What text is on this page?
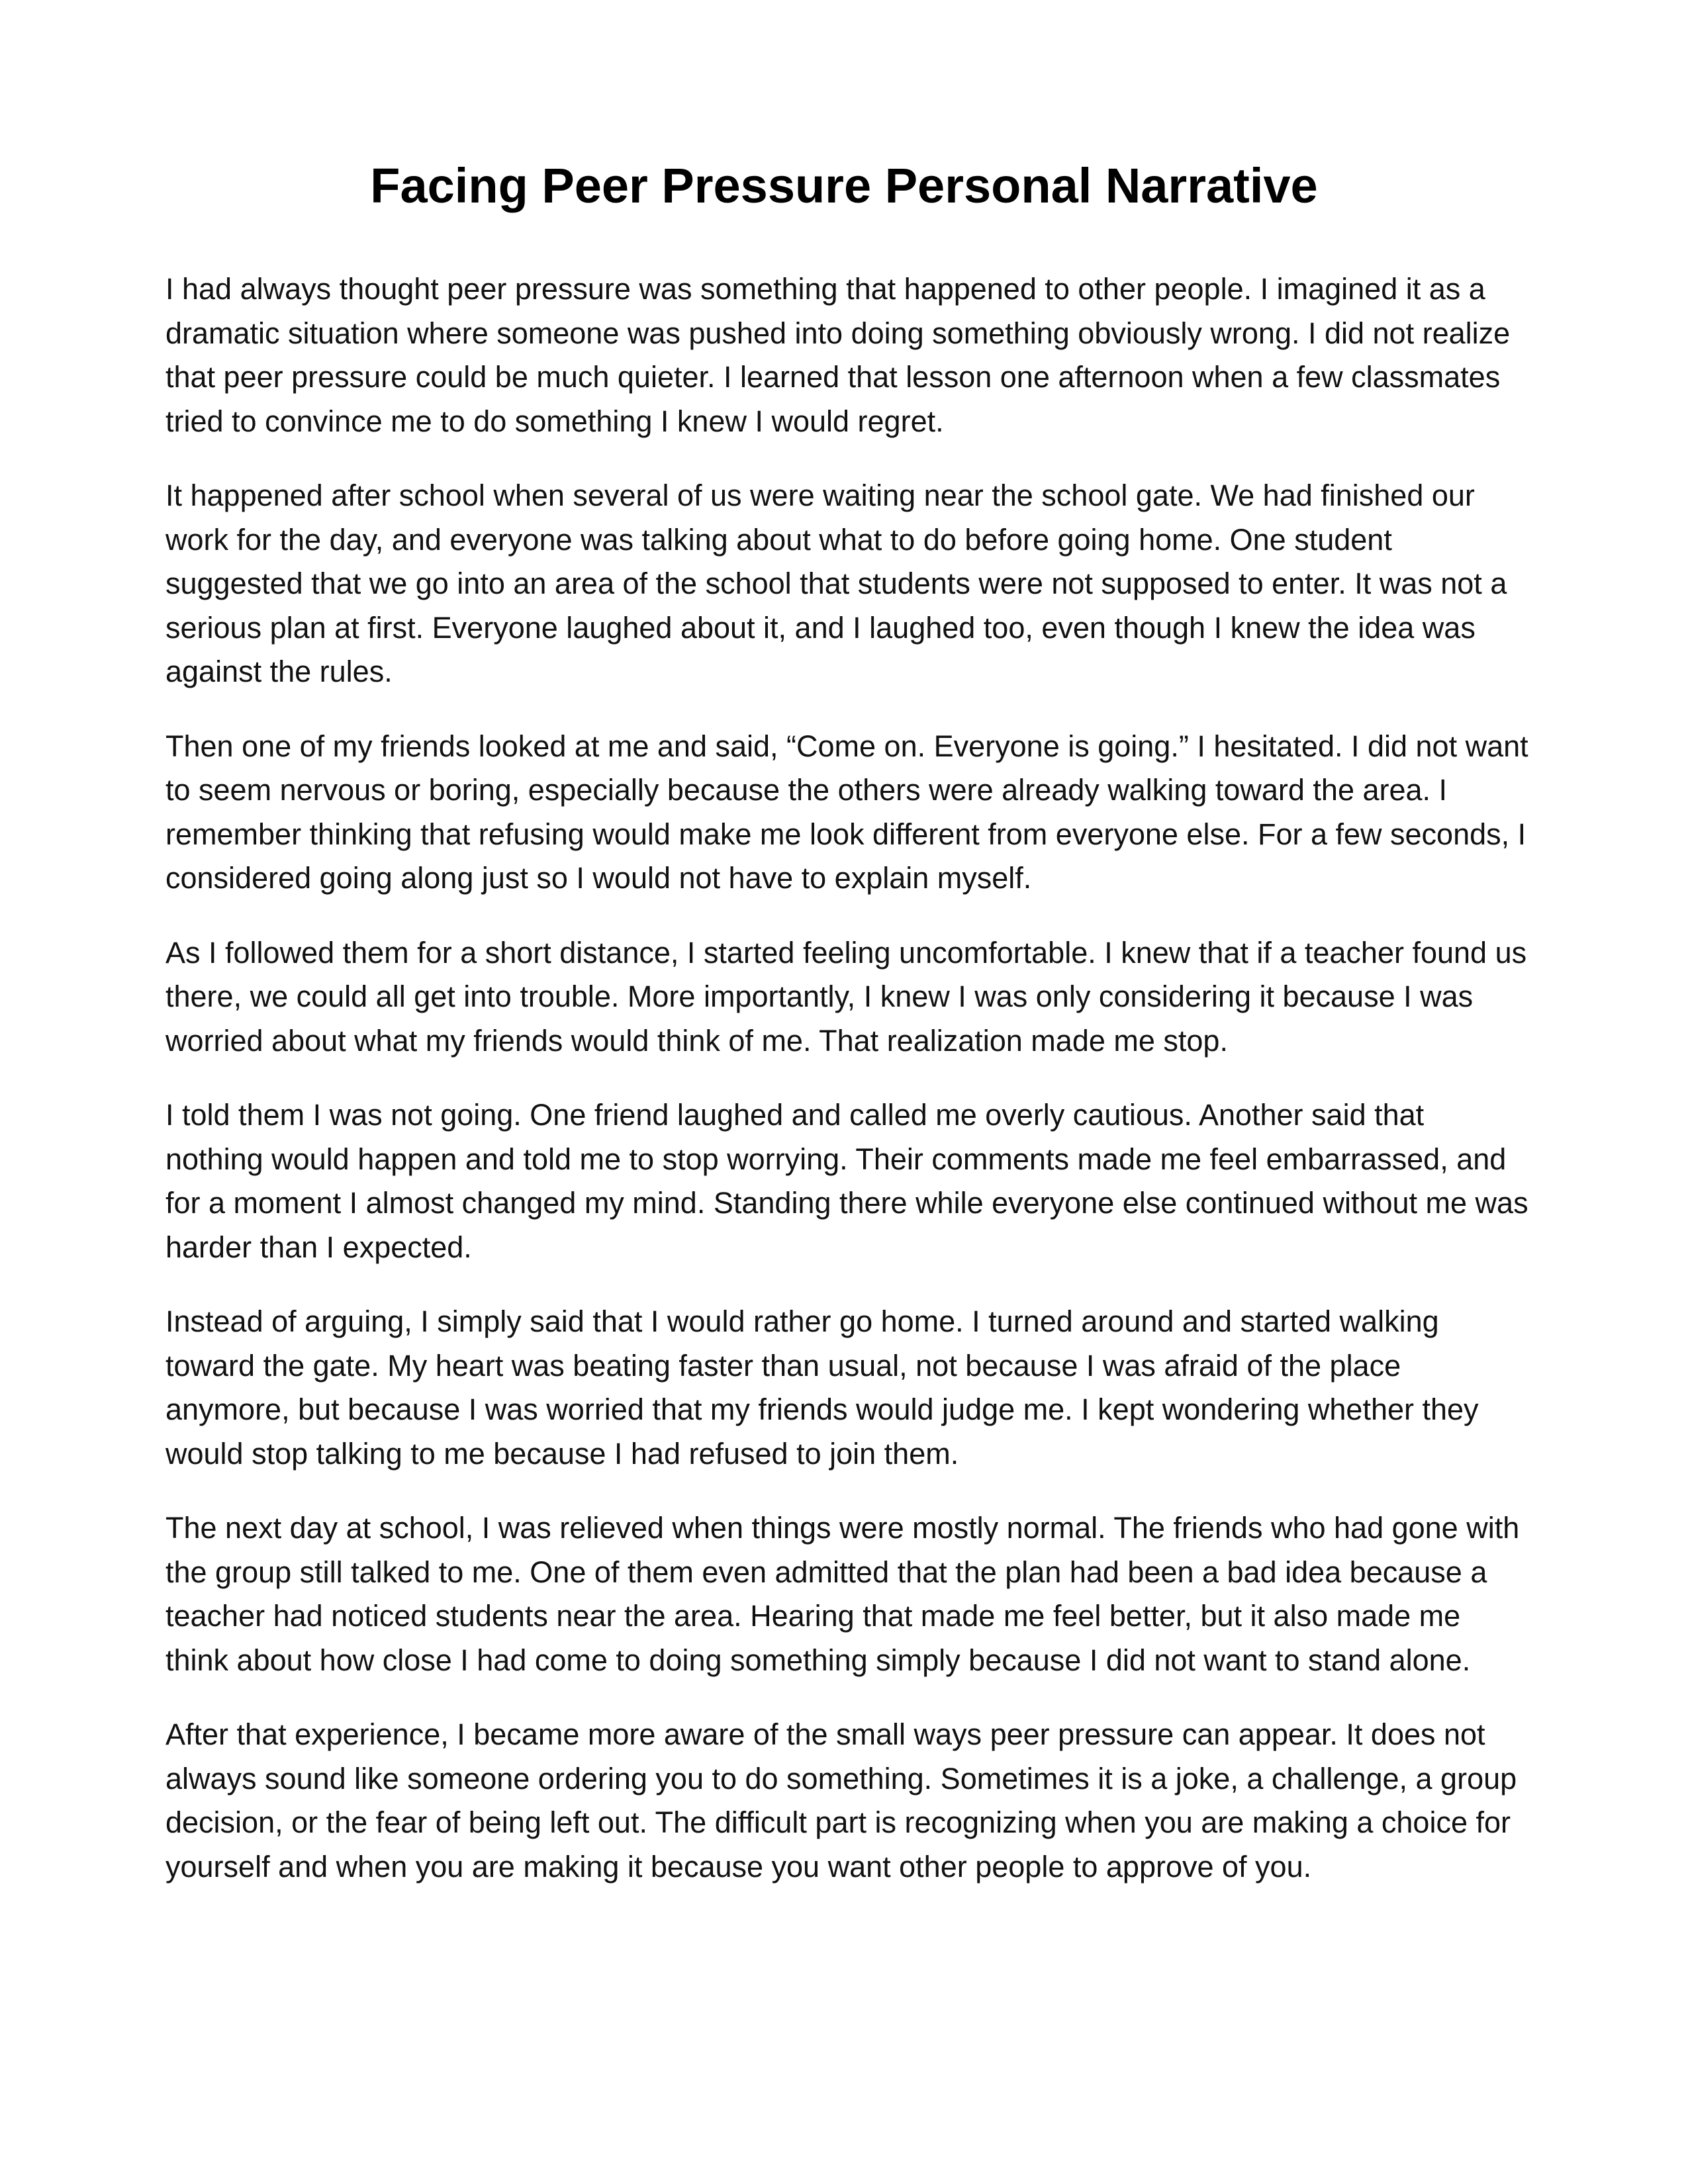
Facing Peer Pressure Personal Narrative

I had always thought peer pressure was something that happened to other people. I imagined it as a dramatic situation where someone was pushed into doing something obviously wrong. I did not realize that peer pressure could be much quieter. I learned that lesson one afternoon when a few classmates tried to convince me to do something I knew I would regret.

It happened after school when several of us were waiting near the school gate. We had finished our work for the day, and everyone was talking about what to do before going home. One student suggested that we go into an area of the school that students were not supposed to enter. It was not a serious plan at first. Everyone laughed about it, and I laughed too, even though I knew the idea was against the rules.

Then one of my friends looked at me and said, “Come on. Everyone is going.” I hesitated. I did not want to seem nervous or boring, especially because the others were already walking toward the area. I remember thinking that refusing would make me look different from everyone else. For a few seconds, I considered going along just so I would not have to explain myself.

As I followed them for a short distance, I started feeling uncomfortable. I knew that if a teacher found us there, we could all get into trouble. More importantly, I knew I was only considering it because I was worried about what my friends would think of me. That realization made me stop.

I told them I was not going. One friend laughed and called me overly cautious. Another said that nothing would happen and told me to stop worrying. Their comments made me feel embarrassed, and for a moment I almost changed my mind. Standing there while everyone else continued without me was harder than I expected.

Instead of arguing, I simply said that I would rather go home. I turned around and started walking toward the gate. My heart was beating faster than usual, not because I was afraid of the place anymore, but because I was worried that my friends would judge me. I kept wondering whether they would stop talking to me because I had refused to join them.

The next day at school, I was relieved when things were mostly normal. The friends who had gone with the group still talked to me. One of them even admitted that the plan had been a bad idea because a teacher had noticed students near the area. Hearing that made me feel better, but it also made me think about how close I had come to doing something simply because I did not want to stand alone.

After that experience, I became more aware of the small ways peer pressure can appear. It does not always sound like someone ordering you to do something. Sometimes it is a joke, a challenge, a group decision, or the fear of being left out. The difficult part is recognizing when you are making a choice for yourself and when you are making it because you want other people to approve of you.
